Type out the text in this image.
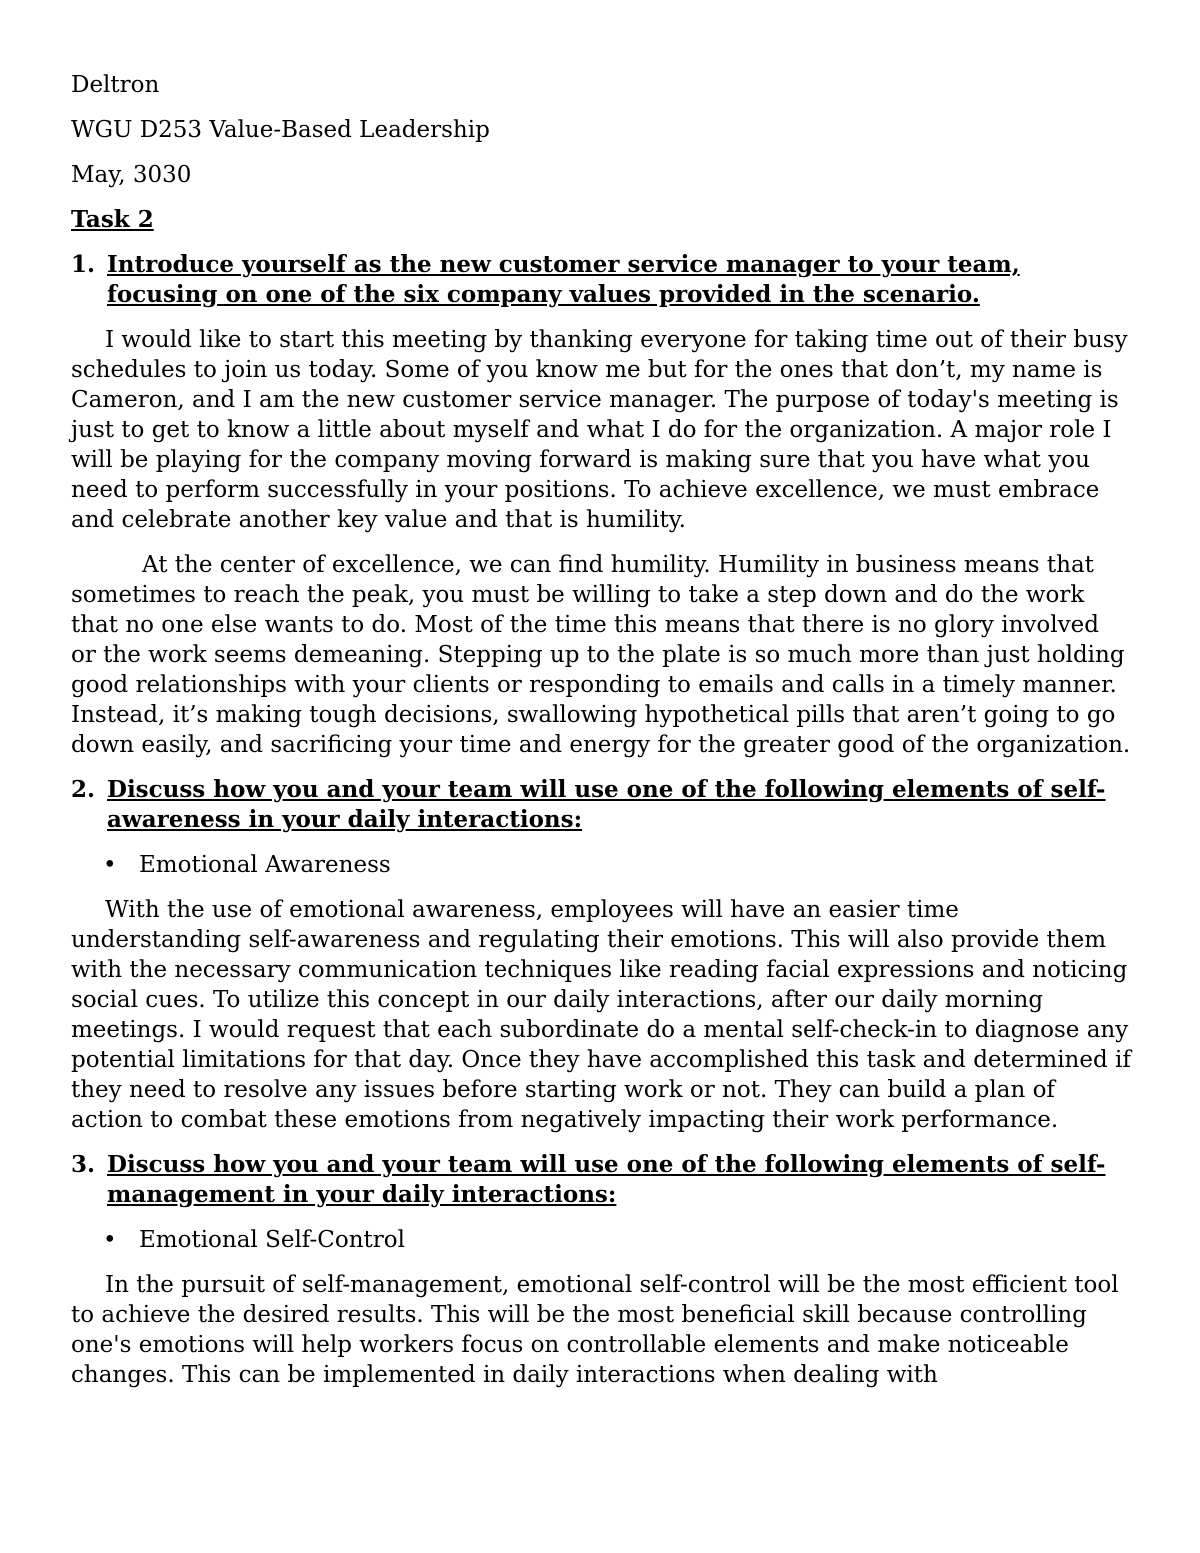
Deltron
WGU D253 Value-Based Leadership
May, 3030
Task 2
1. Introduce yourself as the new customer service manager to your team, focusing on one of the six company values provided in the scenario.

I would like to start this meeting by thanking everyone for taking time out of their busy schedules to join us today. Some of you know me but for the ones that don’t, my name is Cameron, and I am the new customer service manager. The purpose of today's meeting is just to get to know a little about myself and what I do for the organization. A major role I will be playing for the company moving forward is making sure that you have what you need to perform successfully in your positions. To achieve excellence, we must embrace and celebrate another key value and that is humility.

At the center of excellence, we can find humility. Humility in business means that sometimes to reach the peak, you must be willing to take a step down and do the work that no one else wants to do. Most of the time this means that there is no glory involved or the work seems demeaning. Stepping up to the plate is so much more than just holding good relationships with your clients or responding to emails and calls in a timely manner. Instead, it’s making tough decisions, swallowing hypothetical pills that aren’t going to go down easily, and sacrificing your time and energy for the greater good of the organization.

2. Discuss how you and your team will use one of the following elements of self-awareness in your daily interactions:
• Emotional Awareness

With the use of emotional awareness, employees will have an easier time understanding self-awareness and regulating their emotions. This will also provide them with the necessary communication techniques like reading facial expressions and noticing social cues. To utilize this concept in our daily interactions, after our daily morning meetings. I would request that each subordinate do a mental self-check-in to diagnose any potential limitations for that day. Once they have accomplished this task and determined if they need to resolve any issues before starting work or not. They can build a plan of action to combat these emotions from negatively impacting their work performance.

3. Discuss how you and your team will use one of the following elements of self-management in your daily interactions:
• Emotional Self-Control

In the pursuit of self-management, emotional self-control will be the most efficient tool to achieve the desired results. This will be the most beneficial skill because controlling one's emotions will help workers focus on controllable elements and make noticeable changes. This can be implemented in daily interactions when dealing with
